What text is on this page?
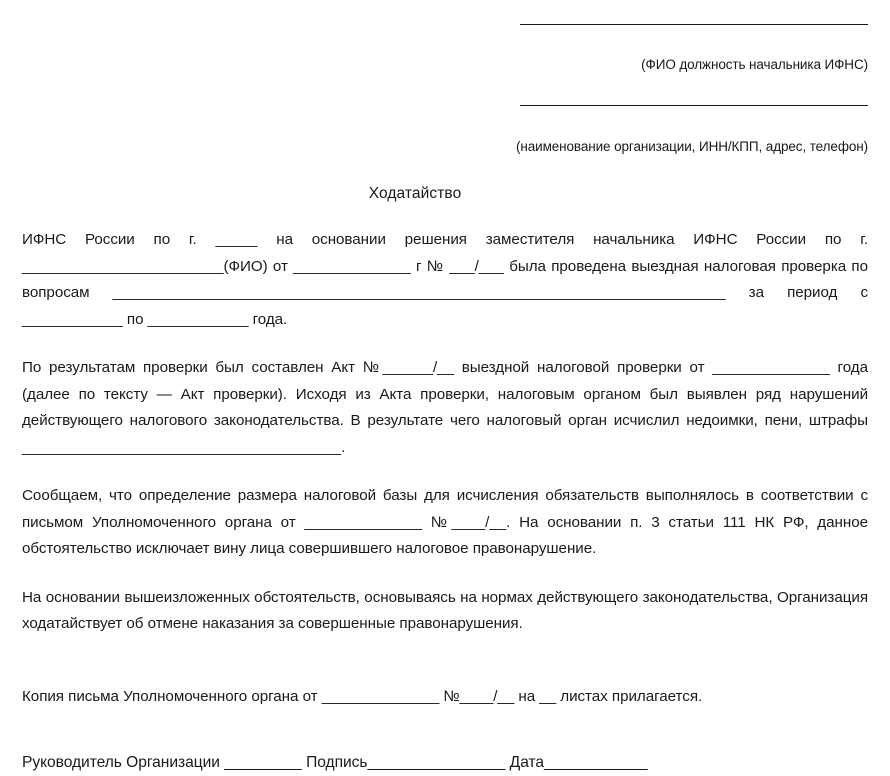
(ФИО должность начальника ИФНС)
(наименование организации, ИНН/КПП, адрес, телефон)
Ходатайство

ИФНС России по г. _____ на основании решения заместителя начальника ИФНС России по г. ________________________(ФИО) от ______________ г № ___/___ была проведена выездная налоговая проверка по вопросам _________________________________________________________________________ за период с ____________ по ____________ года.

По результатам проверки был составлен Акт №______/__ выездной налоговой проверки от ______________ года (далее по тексту — Акт проверки). Исходя из Акта проверки, налоговым органом был выявлен ряд нарушений действующего налогового законодательства. В результате чего налоговый орган исчислил недоимки, пени, штрафы ______________________________________.

Сообщаем, что определение размера налоговой базы для исчисления обязательств выполнялось в соответствии с письмом Уполномоченного органа от ______________ №____/__. На основании п. 3 статьи 111 НК РФ, данное обстоятельство исключает вину лица совершившего налоговое правонарушение.

На основании вышеизложенных обстоятельств, основываясь на нормах действующего законодательства, Организация ходатайствует об отмене наказания за совершенные правонарушения.

Копия письма Уполномоченного органа от ______________ №____/__ на __ листах прилагается.

Руководитель Организации _________ Подпись________________ Дата____________
